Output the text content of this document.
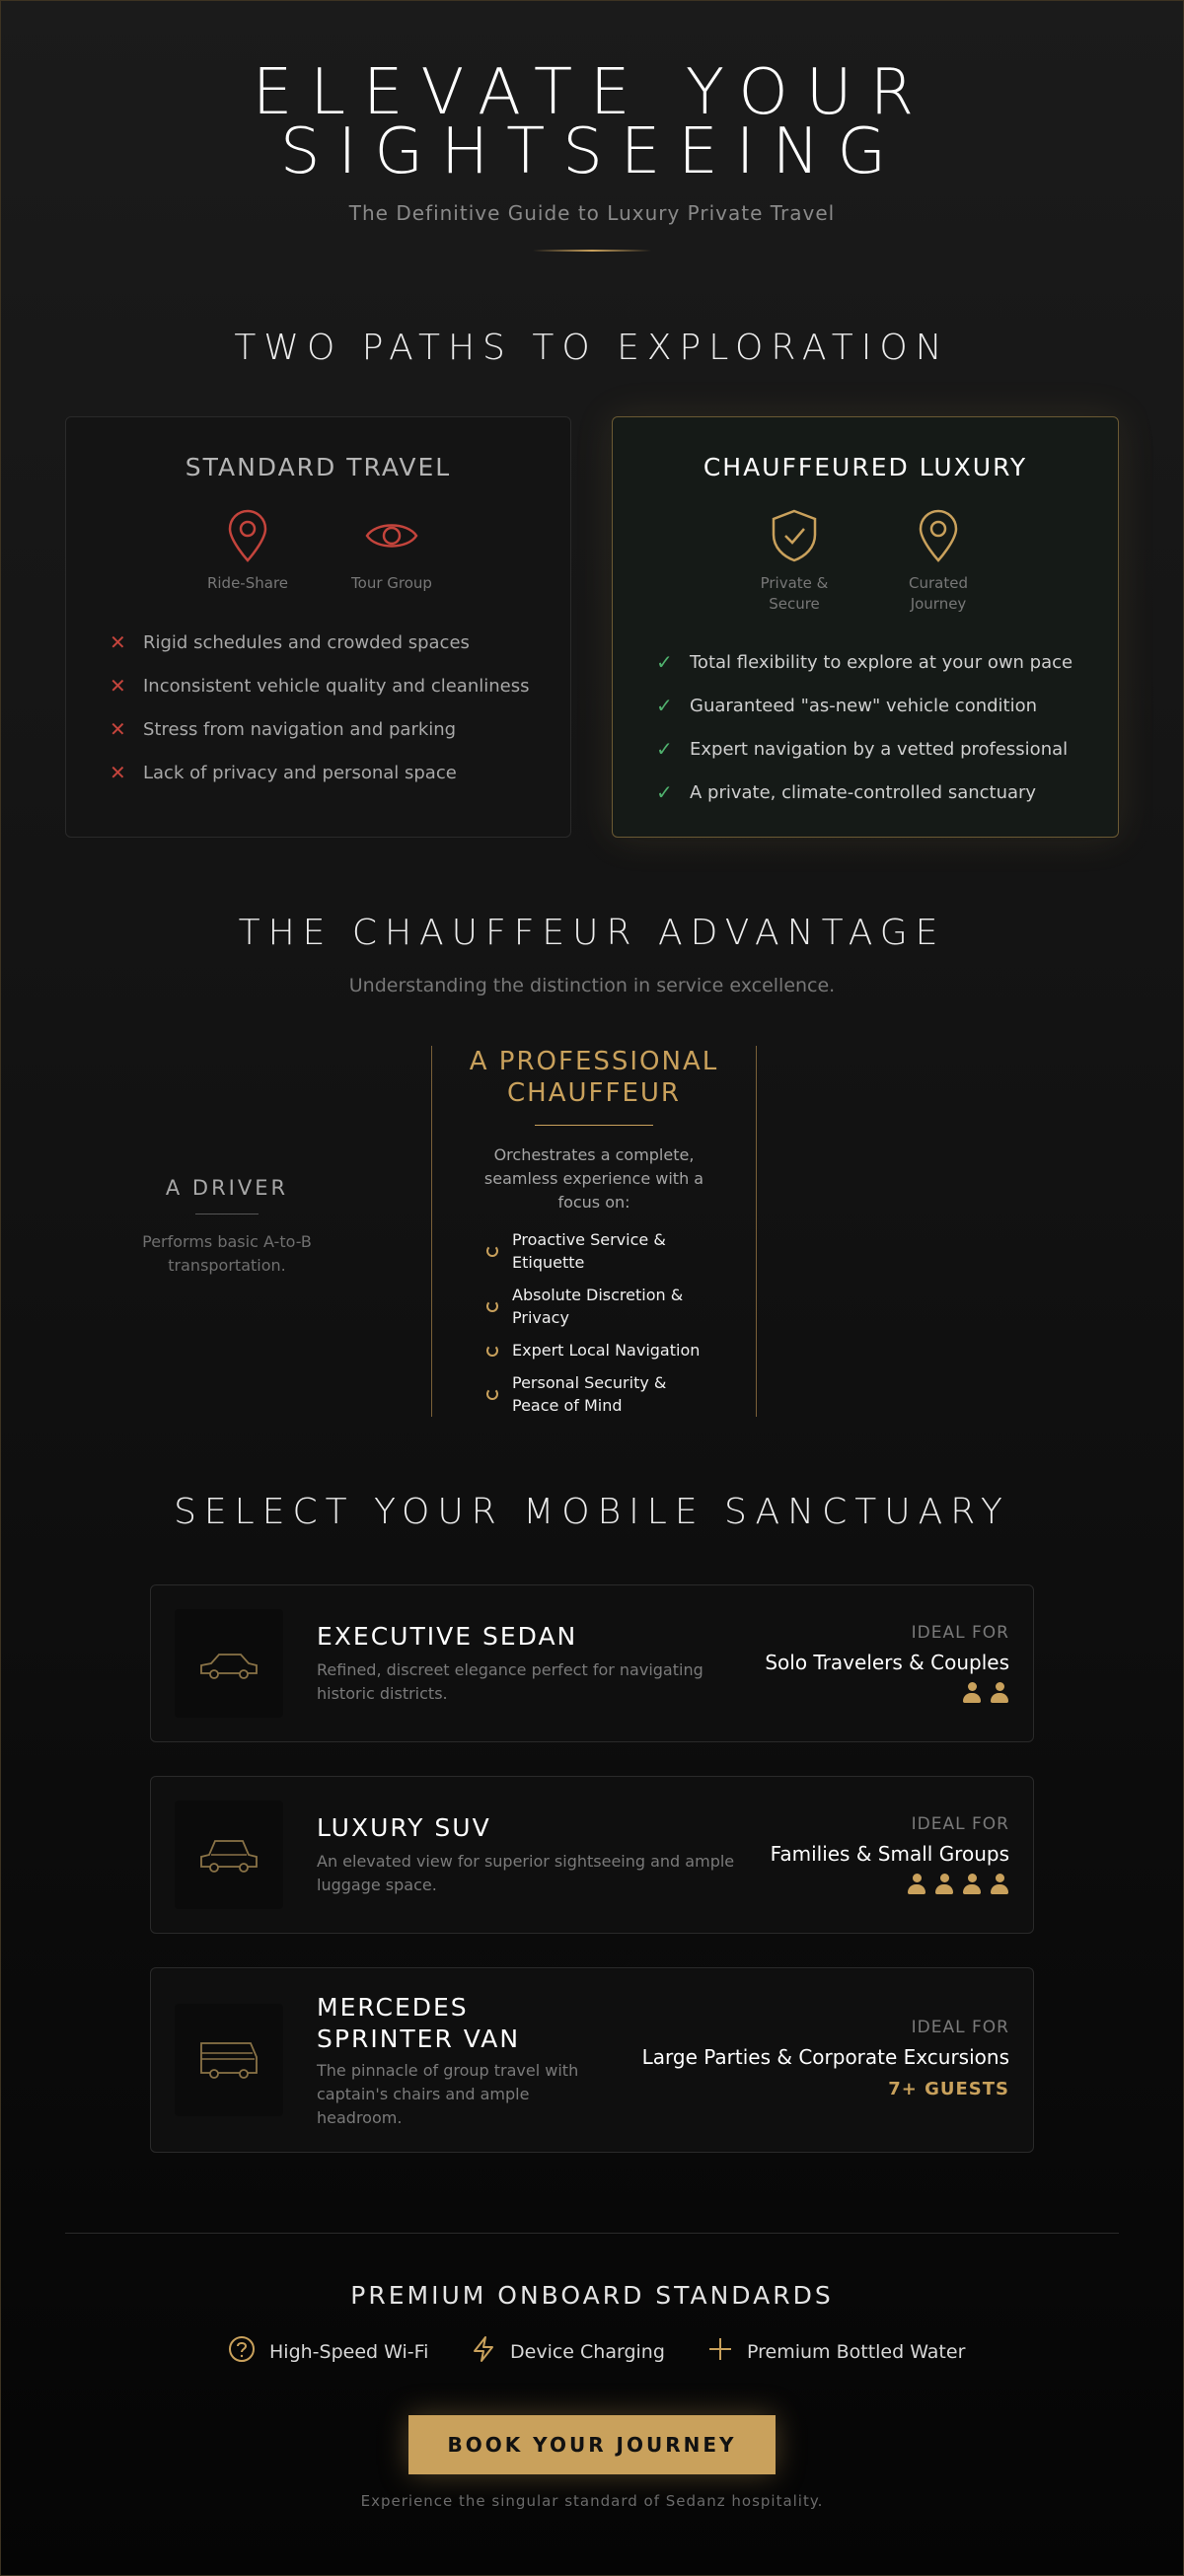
ELEVATE YOUR
SIGHTSEEING
The Definitive Guide to Luxury Private Travel
TWO PATHS TO EXPLORATION
STANDARD TRAVEL
Ride-Share	Tour Group
✕ Rigid schedules and crowded spaces
✕ Inconsistent vehicle quality and cleanliness
✕ Stress from navigation and parking
✕ Lack of privacy and personal space
CHAUFFEURED LUXURY
Private &
Secure
Curated
Journey
✓ Total flexibility to explore at your own pace
✓ Guaranteed "as-new" vehicle condition
✓ Expert navigation by a vetted professional
✓ A private, climate-controlled sanctuary
THE CHAUFFEUR ADVANTAGE
Understanding the distinction in service excellence.
A DRIVER
Performs basic A-to-B
transportation.
A PROFESSIONAL
CHAUFFEUR
Orchestrates a complete,
seamless experience with a
focus on:
Proactive Service &
Etiquette
Absolute Discretion &
Privacy
Expert Local Navigation
Personal Security &
Peace of Mind
SELECT YOUR MOBILE SANCTUARY
EXECUTIVE SEDAN
Refined, discreet elegance perfect for navigating
historic districts.
IDEAL FOR
Solo Travelers & Couples
LUXURY SUV
An elevated view for superior sightseeing and ample
luggage space.
IDEAL FOR
Families & Small Groups
MERCEDES
SPRINTER VAN
The pinnacle of group travel with
captain's chairs and ample
headroom.
IDEAL FOR
Large Parties & Corporate Excursions
7+ GUESTS
PREMIUM ONBOARD STANDARDS
High-Speed Wi-Fi	Device Charging	Premium Bottled Water
BOOK YOUR JOURNEY
Experience the singular standard of Sedanz hospitality.
